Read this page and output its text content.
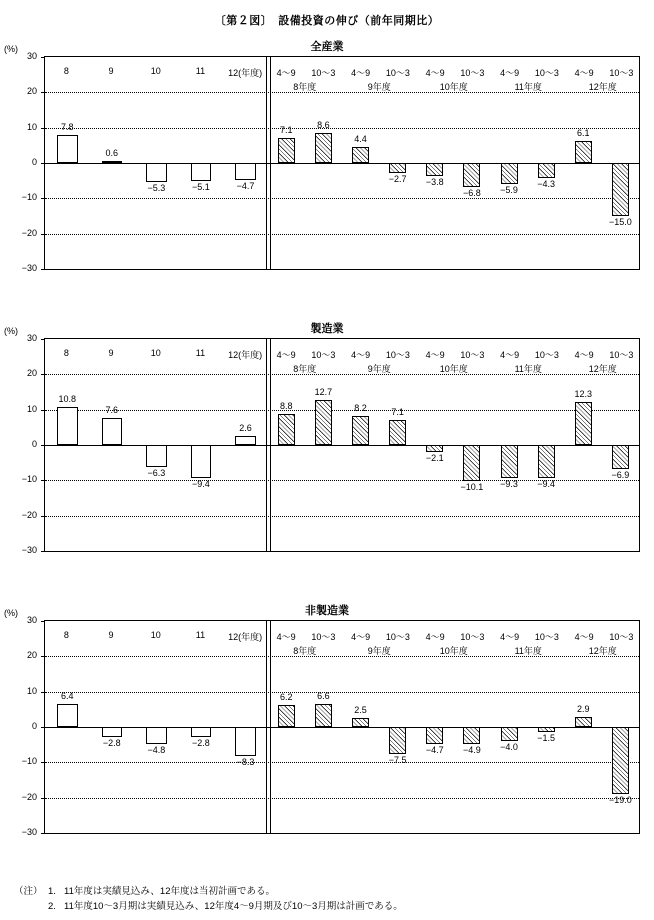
〔第２図〕　設備投資の伸び（前年同期比）
全産業
(%)
30
20
10
0
−10
−20
−30
7.8
0.6
−5.3	−5.1	−4.7
7.1
8.6
4.4
−2.7	−3.8
−6.8	−5.9
−4.3
6.1
−15.0
8	9	10	11	12(年度)	4～9	10～3	4～9	10～3	4～9	10～3	4～9	10～3	4～9	10～3
8年度	9年度	10年度	11年度	12年度
製造業
(%)
30
20
10
0
−10
−20
−30
10.8
7.6
−6.3
−9.4
2.6
8.8
12.7
8.2	7.1
−2.1
−10.1	−9.3	−9.4
12.3
−6.9
8	9	10	11	12(年度)	4～9	10～3	4～9	10～3	4～9	10～3	4～9	10～3	4～9	10～3
8年度	9年度	10年度	11年度	12年度
非製造業
(%)
30
20
10
0
−10
−20
−30
6.4
−2.8
−4.8
−2.8
−8.3
6.2	6.6
2.5
−7.5
−4.7	−4.9	−4.0
−1.5
2.9
−19.0
8	9	10	11	12(年度)	4～9	10～3	4～9	10～3	4～9	10～3	4～9	10～3	4～9	10～3
8年度	9年度	10年度	11年度	12年度
（注） 1. 11年度は実績見込み、12年度は当初計画である。

2. 11年度10～3月期は実績見込み、12年度4～9月期及び10～3月期は計画である。
